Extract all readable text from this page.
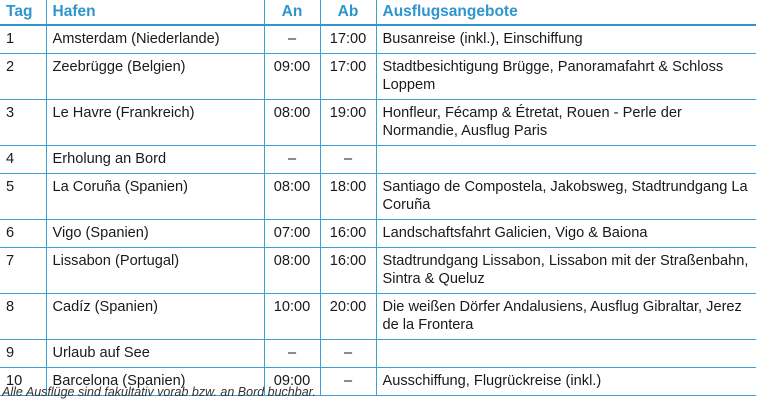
Tag	Hafen	An	Ab	Ausflugsangebote
1	Amsterdam (Niederlande)	–	17:00	Busanreise (inkl.), Einschiffung
2	Zeebrügge (Belgien)	09:00	17:00	Stadtbesichtigung Brügge, Panoramafahrt & Schloss Loppem
3	Le Havre (Frankreich)	08:00	19:00	Honfleur, Fécamp & Étretat, Rouen - Perle der Normandie, Ausflug Paris
4	Erholung an Bord	–	–	
5	La Coruña (Spanien)	08:00	18:00	Santiago de Compostela, Jakobsweg, Stadtrundgang La Coruña
6	Vigo (Spanien)	07:00	16:00	Landschaftsfahrt Galicien, Vigo & Baiona
7	Lissabon (Portugal)	08:00	16:00	Stadtrundgang Lissabon, Lissabon mit der Straßenbahn, Sintra & Queluz
8	Cadíz (Spanien)	10:00	20:00	Die weißen Dörfer Andalusiens, Ausflug Gibraltar, Jerez de la Frontera
9	Urlaub auf See	–	–	
10	Barcelona (Spanien)	09:00	–	Ausschiffung, Flugrückreise (inkl.)
Alle Ausflüge sind fakultativ vorab bzw. an Bord buchbar.
